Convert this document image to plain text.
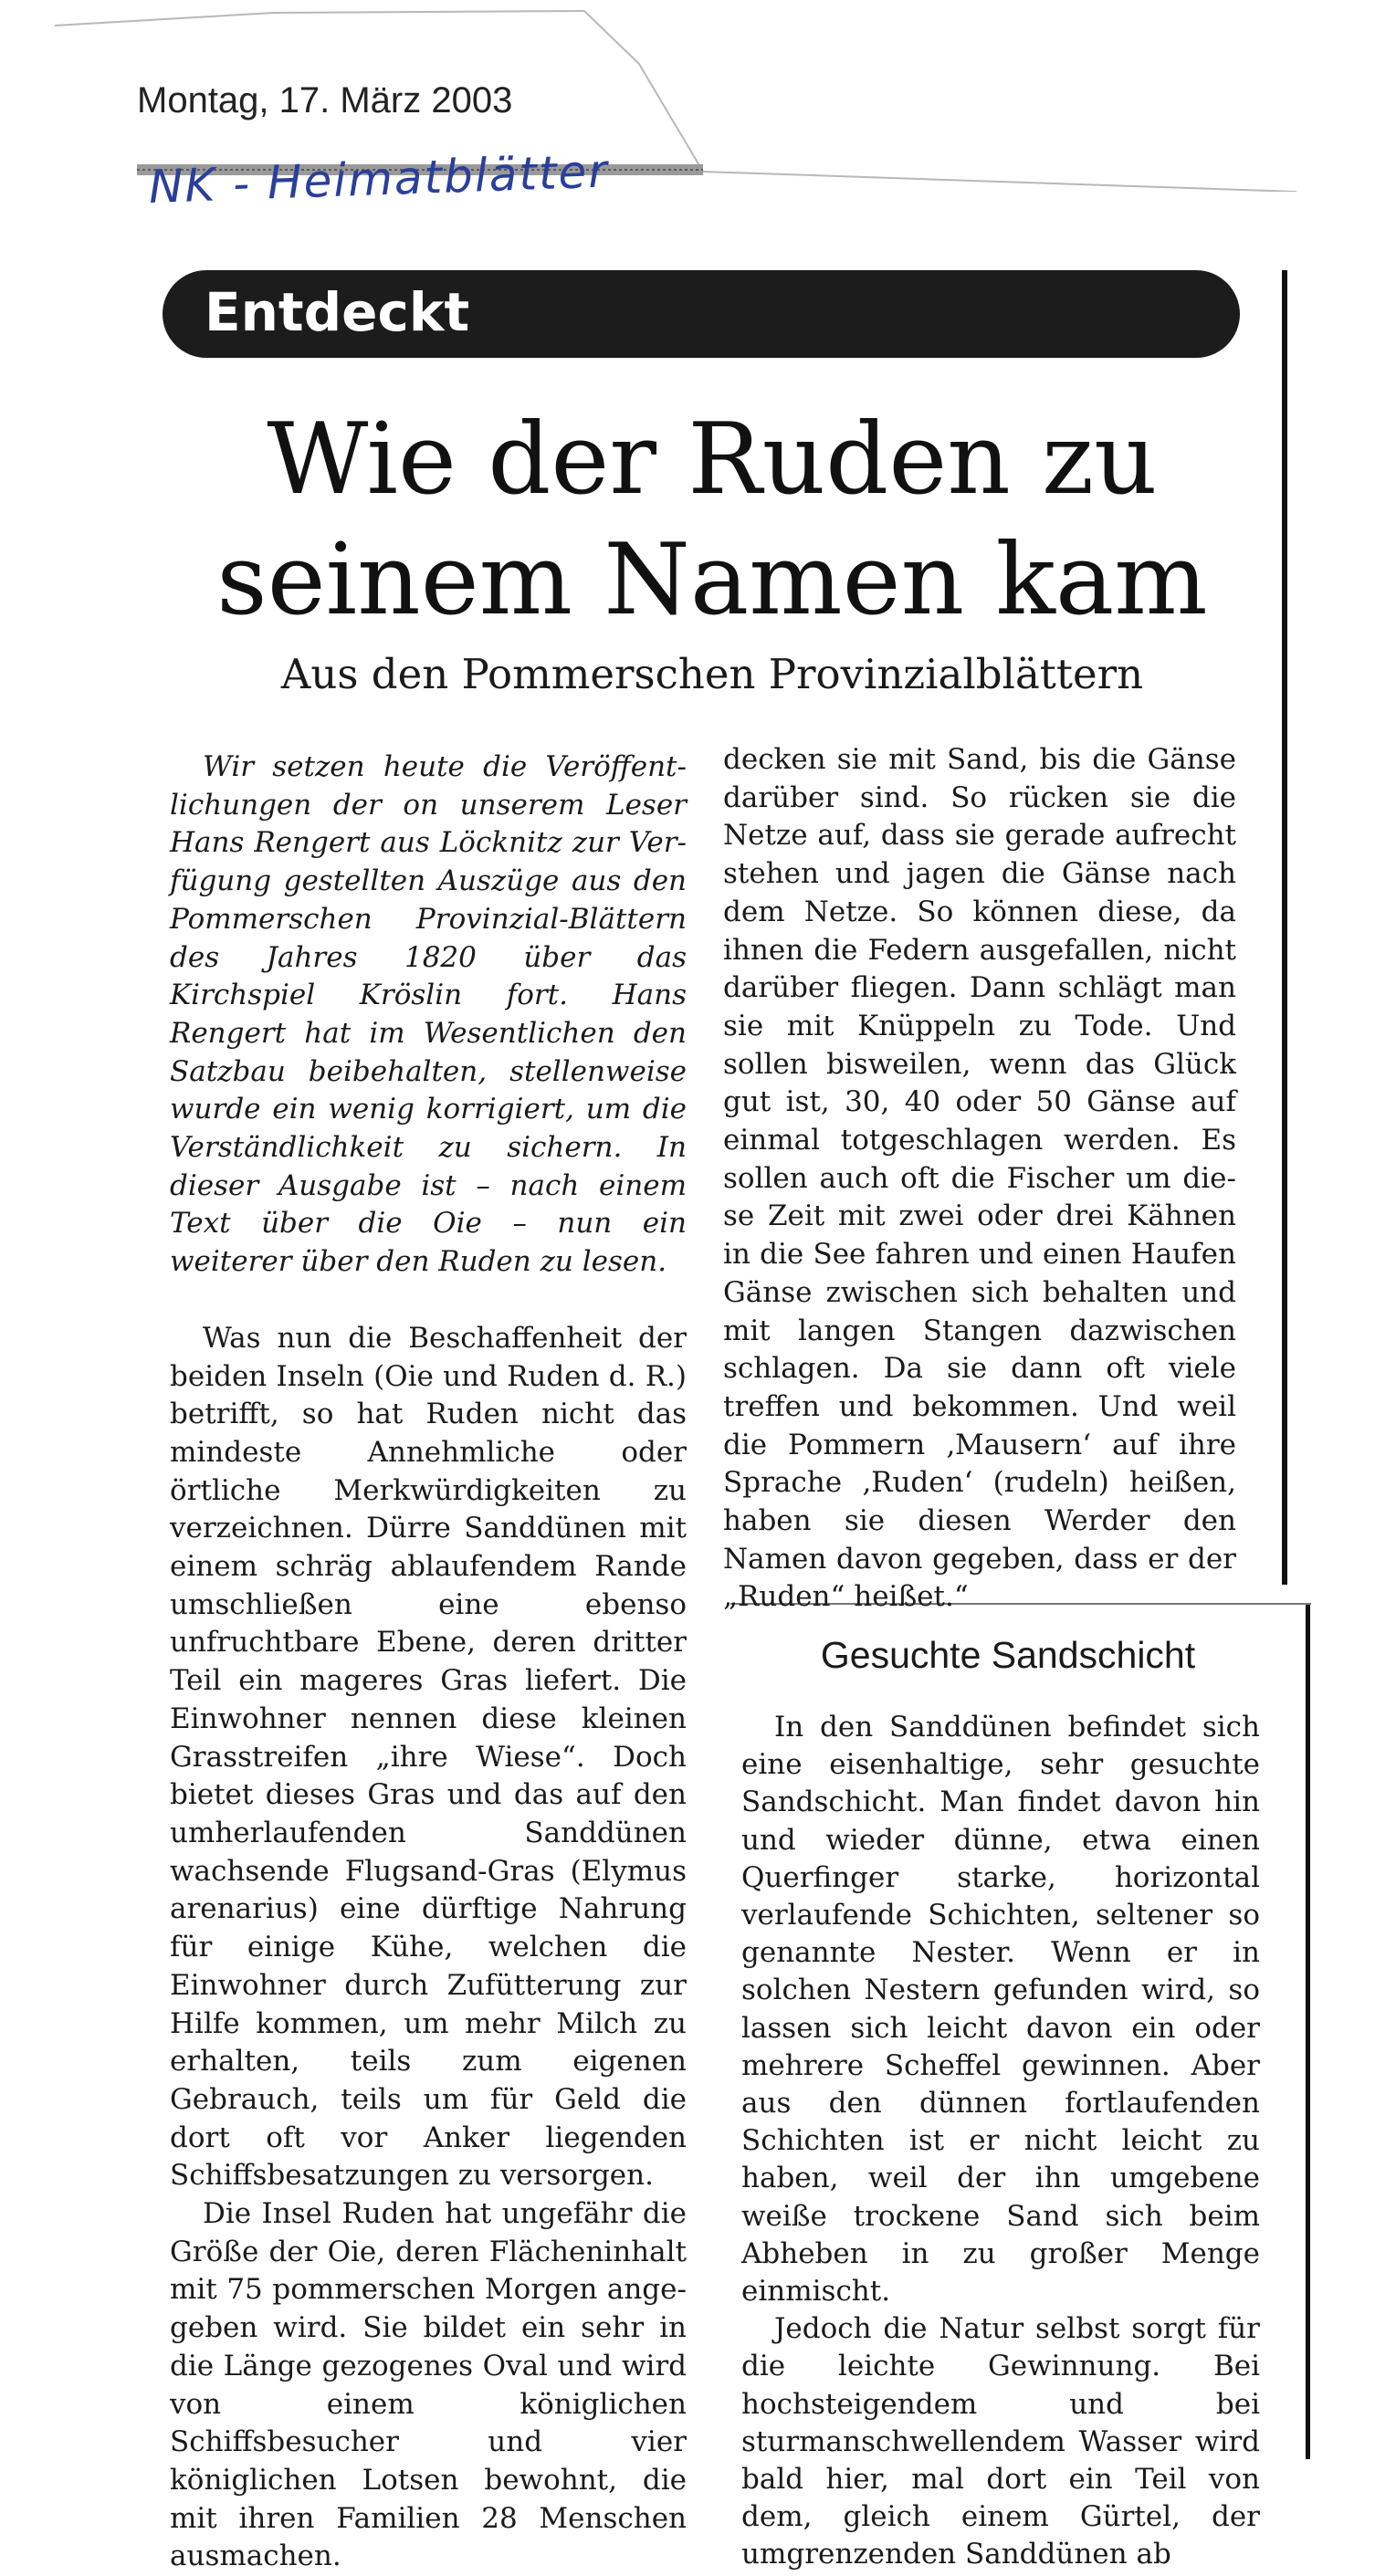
Montag, 17. März 2003
NK - Heimatblätter
Entdeckt
Wie der Ruden zu
seinem Namen kam
Aus den Pommerschen Provinzialblättern

Wir setzen heute die Veröffentlichungen der on unserem Leser Hans Rengert aus Löcknitz zur Verfügung gestellten Auszüge aus den Pommerschen Provinzial-Blättern des Jahres 1820 über das Kirchspiel Kröslin fort. Hans Rengert hat im Wesentlichen den Satzbau beibehalten, stellenweise wurde ein wenig korrigiert, um die Verständlichkeit zu sichern. In dieser Ausgabe ist – nach einem Text über die Oie – nun ein weiterer über den Ruden zu lesen.

Was nun die Beschaffenheit der beiden Inseln (Oie und Ruden d. R.) betrifft, so hat Ruden nicht das mindeste Annehmliche oder örtliche Merkwürdigkeiten zu verzeichnen. Dürre Sanddünen mit einem schräg ablaufendem Rande umschließen eine ebenso unfruchtbare Ebene, deren dritter Teil ein mageres Gras liefert. Die Einwohner nennen diese kleinen Grasstreifen „ihre Wiese“. Doch bietet dieses Gras und das auf den umherlaufenden Sanddünen wachsende Flugsand-Gras (Elymus arenarius) eine dürftige Nahrung für einige Kühe, welchen die Einwohner durch Zufütterung zur Hilfe kommen, um mehr Milch zu erhalten, teils zum eigenen Gebrauch, teils um für Geld die dort oft vor Anker liegenden Schiffsbesatzungen zu versorgen.

Die Insel Ruden hat ungefähr die Größe der Oie, deren Flächeninhalt mit 75 pommerschen Morgen angegeben wird. Sie bildet ein sehr in die Länge gezogenes Oval und wird von einem königlichen Schiffsbesucher und vier königlichen Lotsen bewohnt, die mit ihren Familien 28 Menschen ausmachen.

decken sie mit Sand, bis die Gänse darüber sind. So rücken sie die Netze auf, dass sie gerade aufrecht stehen und jagen die Gänse nach dem Netze. So können diese, da ihnen die Federn ausgefallen, nicht darüber fliegen. Dann schlägt man sie mit Knüppeln zu Tode. Und sollen bisweilen, wenn das Glück gut ist, 30, 40 oder 50 Gänse auf einmal totgeschlagen werden. Es sollen auch oft die Fischer um diese Zeit mit zwei oder drei Kähnen in die See fahren und einen Haufen Gänse zwischen sich behalten und mit langen Stangen dazwischen schlagen. Da sie dann oft viele treffen und bekommen. Und weil die Pommern ‚Mausern‘ auf ihre Sprache ‚Ruden‘ (rudeln) heißen, haben sie diesen Werder den Namen davon gegeben, dass er der „Ruden“ heißet.“

Gesuchte Sandschicht

In den Sanddünen befindet sich eine eisenhaltige, sehr gesuchte Sandschicht. Man findet davon hin und wieder dünne, etwa einen Querfinger starke, horizontal verlaufende Schichten, seltener so genannte Nester. Wenn er in solchen Nestern gefunden wird, so lassen sich leicht davon ein oder mehrere Scheffel gewinnen. Aber aus den dünnen fortlaufenden Schichten ist er nicht leicht zu haben, weil der ihn umgebene weiße trockene Sand sich beim Abheben in zu großer Menge einmischt.

Jedoch die Natur selbst sorgt für die leichte Gewinnung. Bei hochsteigendem und bei sturmanschwellendem Wasser wird bald hier, mal dort ein Teil von dem, gleich einem Gürtel, der umgrenzenden Sanddünen ab
